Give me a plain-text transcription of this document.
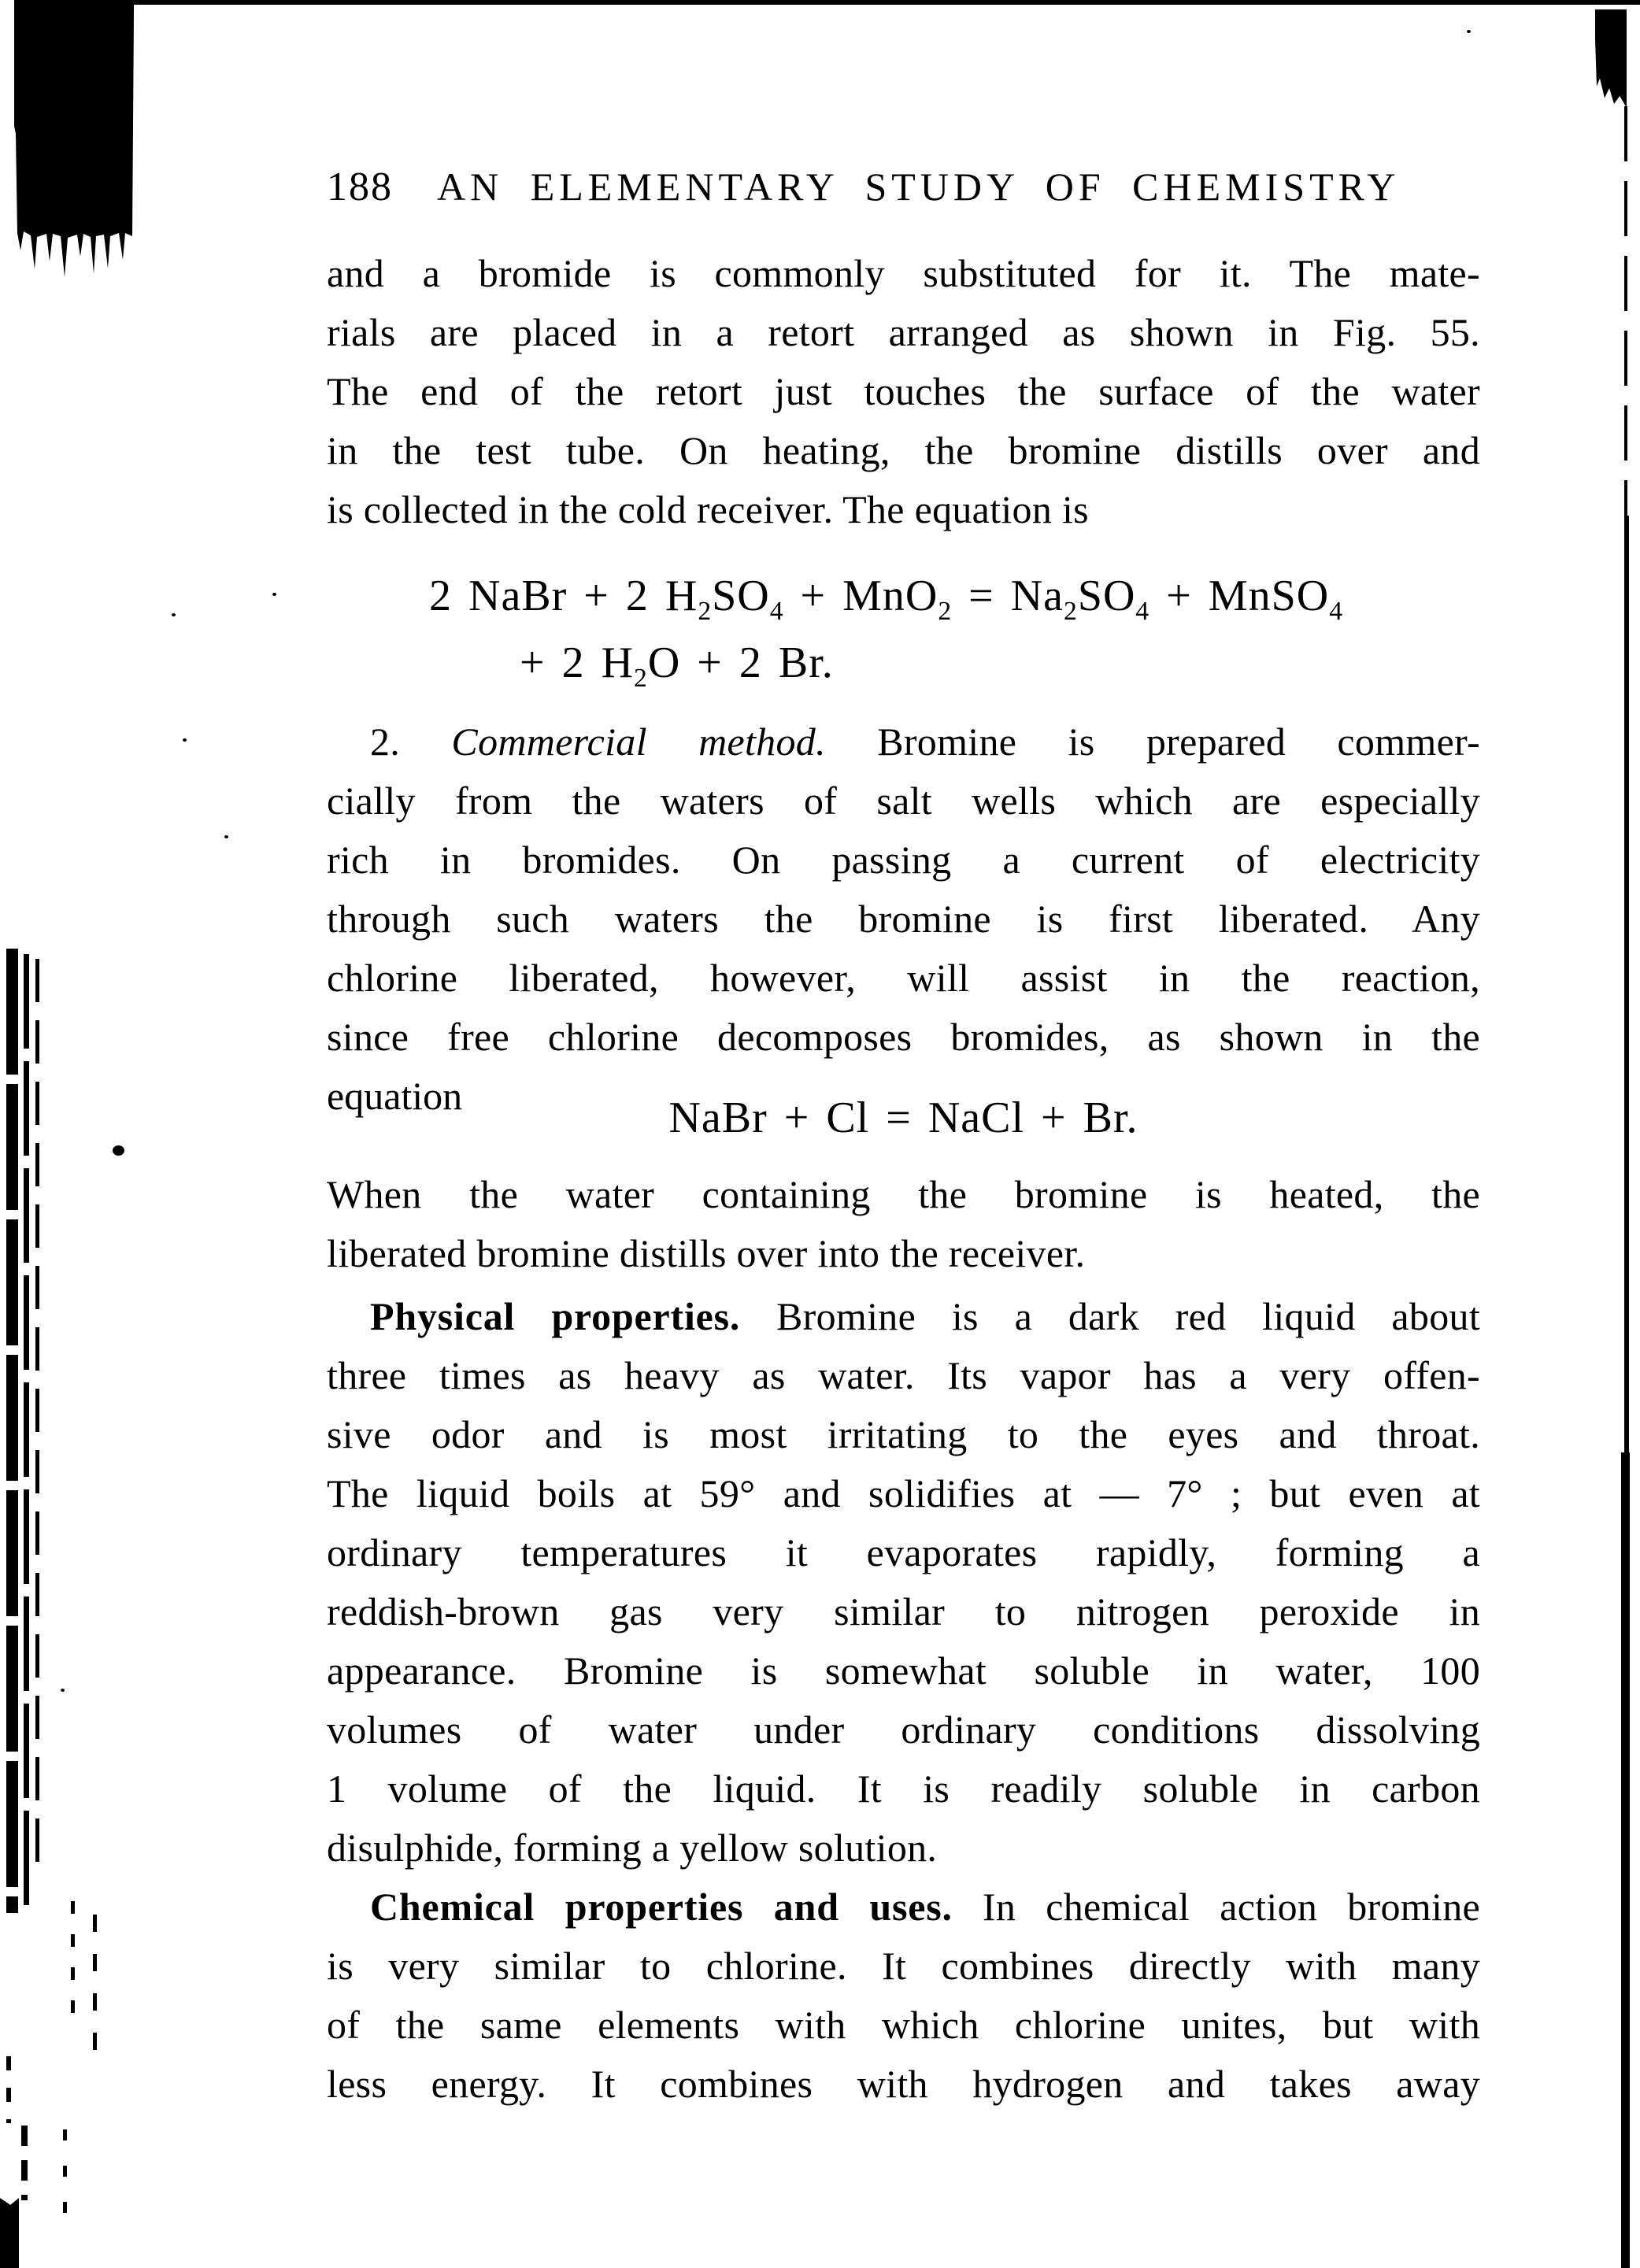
188 AN ELEMENTARY STUDY OF CHEMISTRY
and a bromide is commonly substituted for it. The mate-
rials are placed in a retort arranged as shown in Fig. 55.
The end of the retort just touches the surface of the water
in the test tube. On heating, the bromine distills over and
is collected in the cold receiver. The equation is
2 NaBr + 2 $H_2SO_4 + MnO_2 = Na_2SO_4$ + MnSO$_4$
+ 2 $H_2O + 2$ Br.
2. Commercial method. Bromine is prepared commer-
cially from the waters of salt wells which are especially
rich in bromides. On passing a current of electricity
through such waters the bromine is first liberated. Any
chlorine liberated, however, will assist in the reaction,
since free chlorine decomposes bromides, as shown in the
equation	NaBr + Cl = NaCl + Br.
When the water containing the bromine is heated, the
liberated bromine distills over into the receiver.
Physical properties. Bromine is a dark red liquid about
three times as heavy as water. Its vapor has a very offen-
sive odor and is most irritating to the eyes and throat.
The liquid boils at 59° and solidifies at — 7° ; but even at
ordinary temperatures it evaporates rapidly, forming a
reddish-brown gas very similar to nitrogen peroxide in
appearance. Bromine is somewhat soluble in water, 100
volumes of water under ordinary conditions dissolving
1 volume of the liquid. It is readily soluble in carbon
disulphide, forming a yellow solution.
Chemical properties and uses. In chemical action bromine
is very similar to chlorine. It combines directly with many
of the same elements with which chlorine unites, but with
less energy. It combines with hydrogen and takes away
